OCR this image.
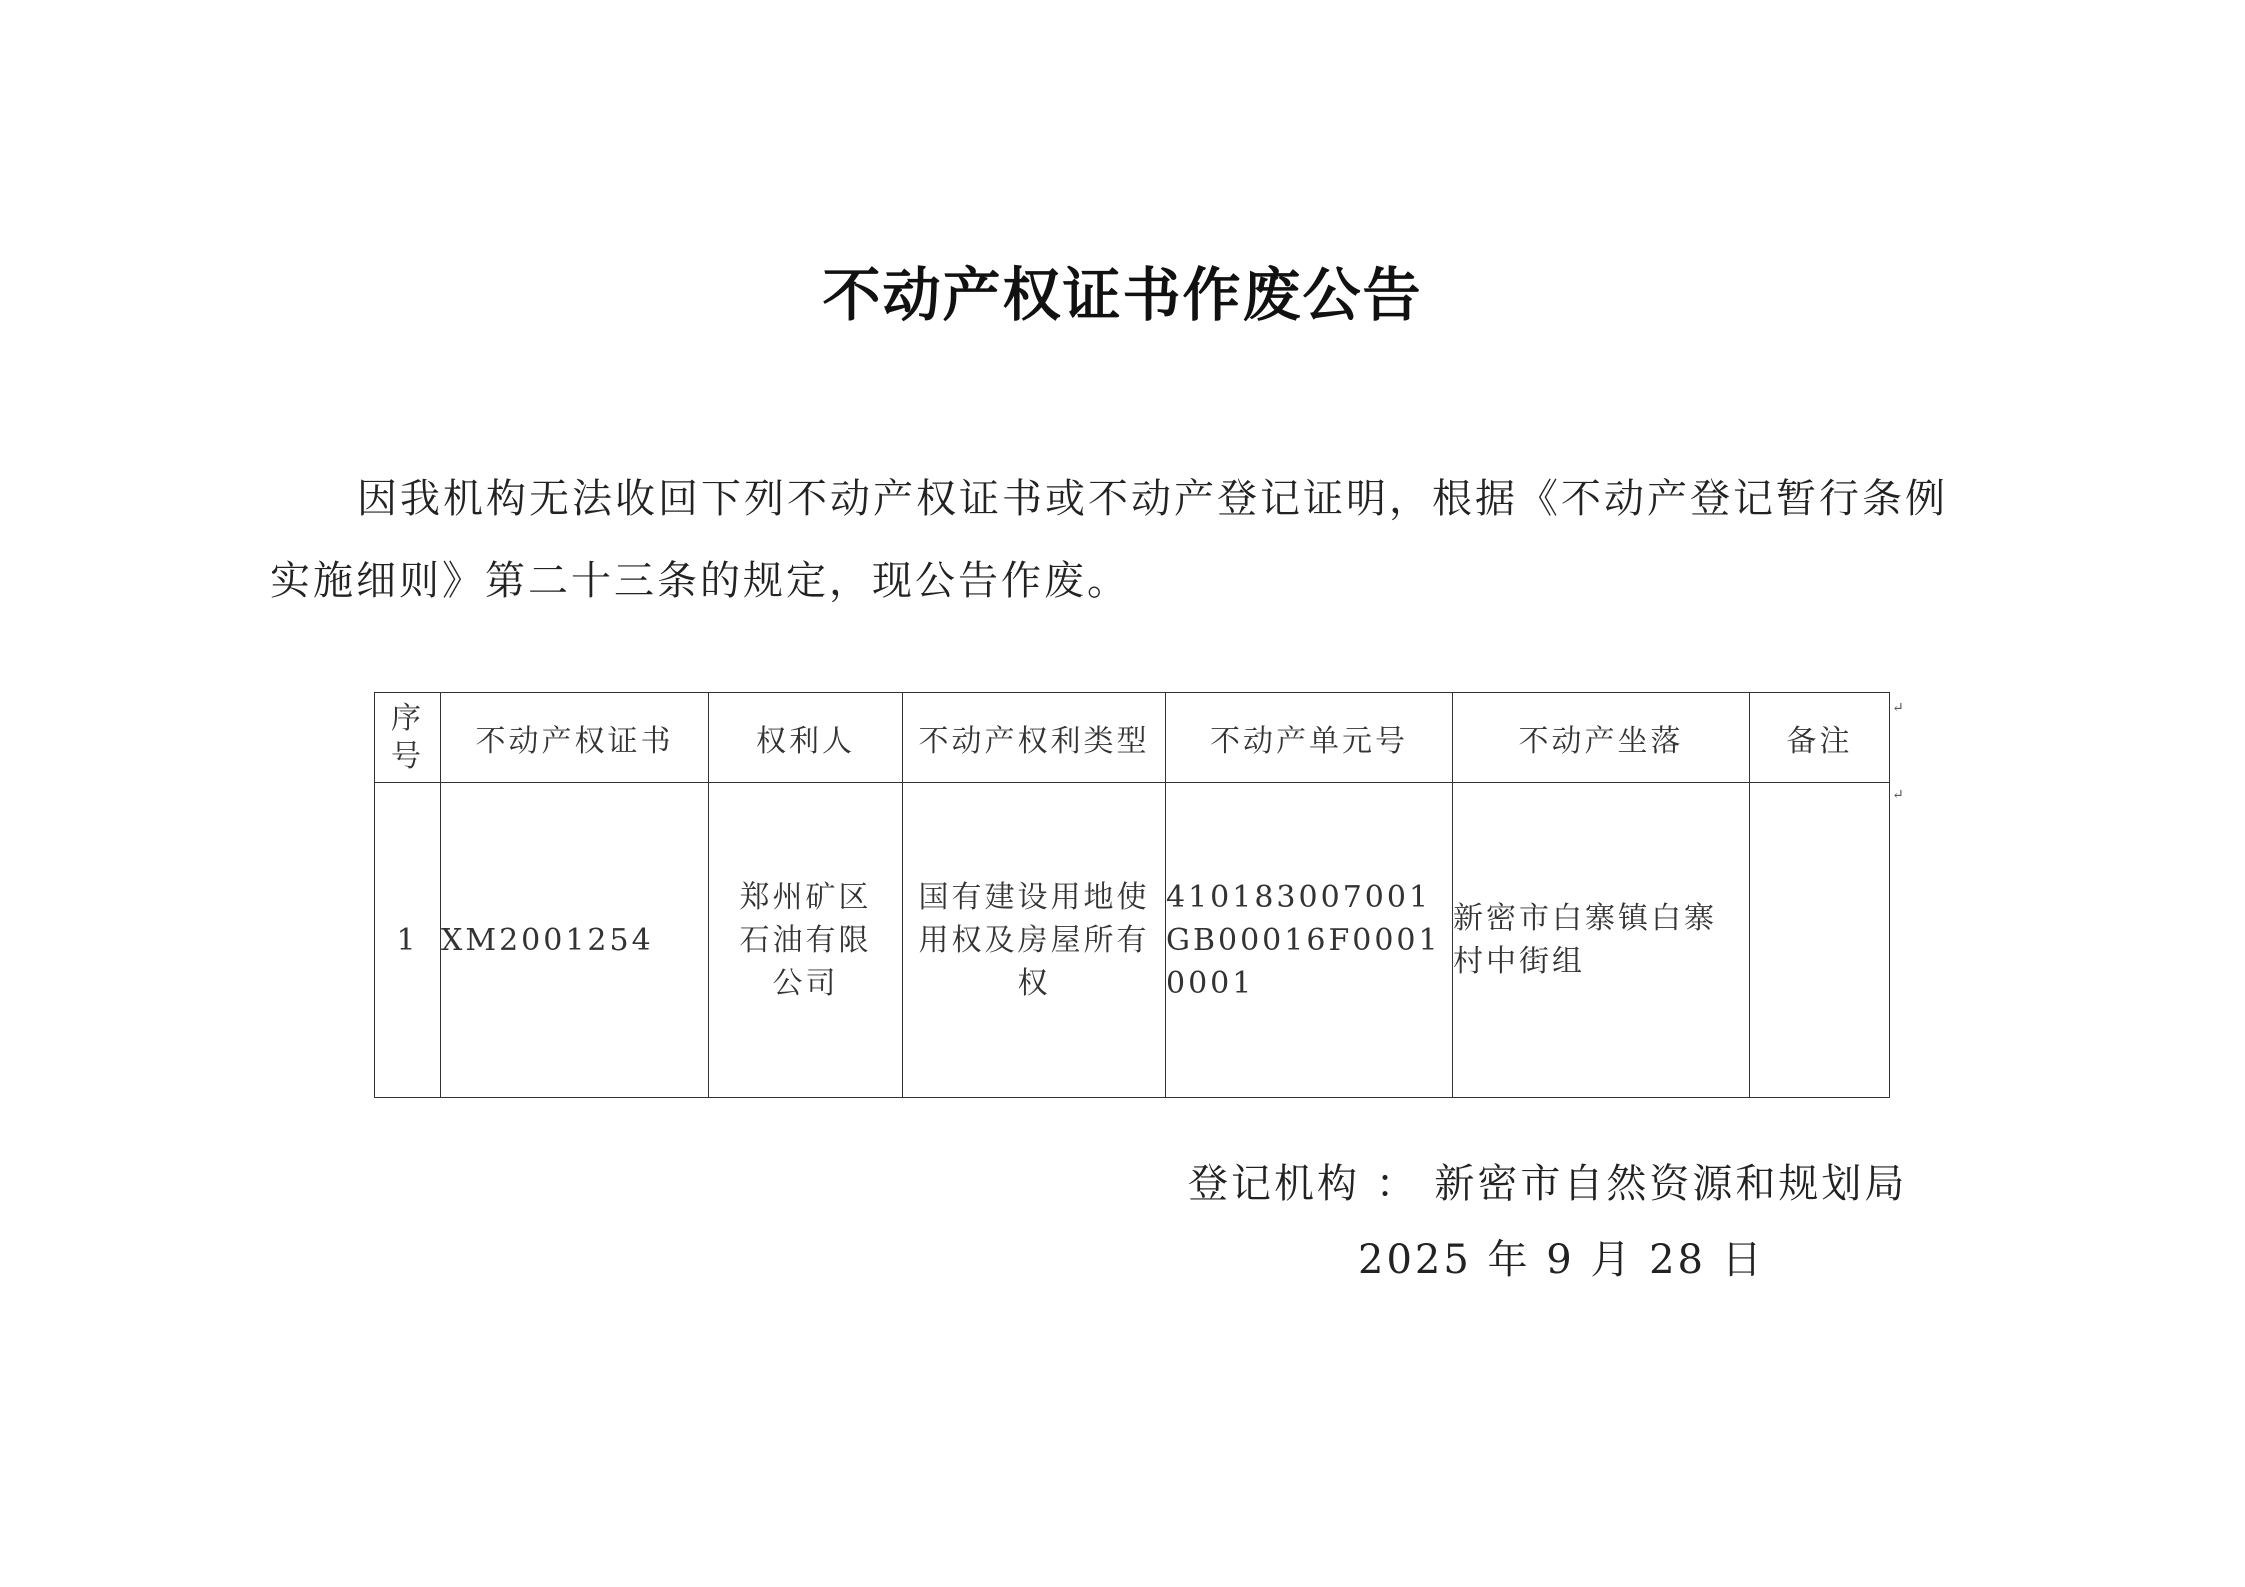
不动产权证书作废公告
因我机构无法收回下列不动产权证书或不动产登记证明，根据《不动产登记暂行条例实施细则》第二十三条的规定，现公告作废。
序
号	不动产权证书	权利人	不动产权利类型	不动产单元号	不动产坐落	备注
1	XM2001254	郑州矿区
石油有限
公司	国有建设用地使用权及房屋所有权	410183007001GB00016F00010001	新密市白寨镇白寨村中街组	
↵
↵
登记机构 ： 新密市自然资源和规划局
2025 年 9 月 28 日
